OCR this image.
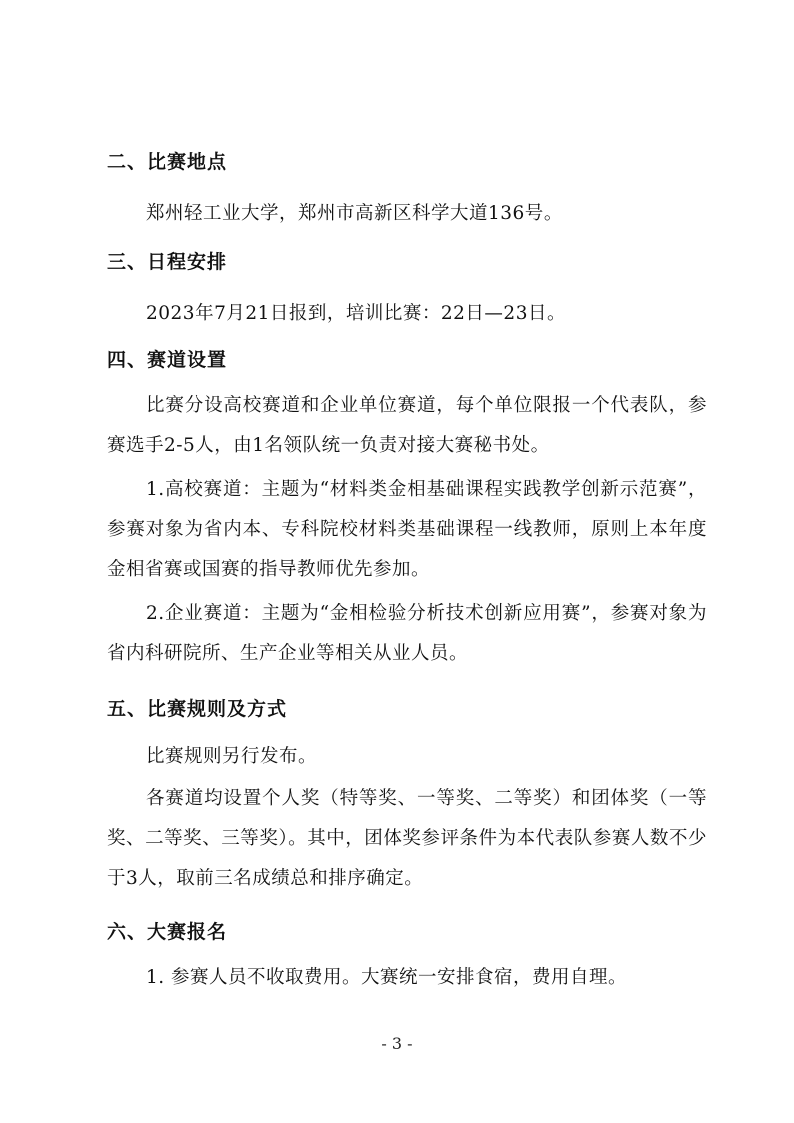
二、比赛地点

郑州轻工业大学，郑州市高新区科学大道136号。

三、日程安排

2023年7月21日报到，培训比赛：22日—23日。

四、赛道设置

比赛分设高校赛道和企业单位赛道，每个单位限报一个代表队，参赛选手2-5人，由1名领队统一负责对接大赛秘书处。

1.高校赛道：主题为“材料类金相基础课程实践教学创新示范赛”，参赛对象为省内本、专科院校材料类基础课程一线教师，原则上本年度金相省赛或国赛的指导教师优先参加。

2.企业赛道：主题为“金相检验分析技术创新应用赛”，参赛对象为省内科研院所、生产企业等相关从业人员。

五、比赛规则及方式

比赛规则另行发布。

各赛道均设置个人奖（特等奖、一等奖、二等奖）和团体奖（一等奖、二等奖、三等奖）。其中，团体奖参评条件为本代表队参赛人数不少于3人，取前三名成绩总和排序确定。

六、大赛报名

1. 参赛人员不收取费用。大赛统一安排食宿，费用自理。

- 3 -
